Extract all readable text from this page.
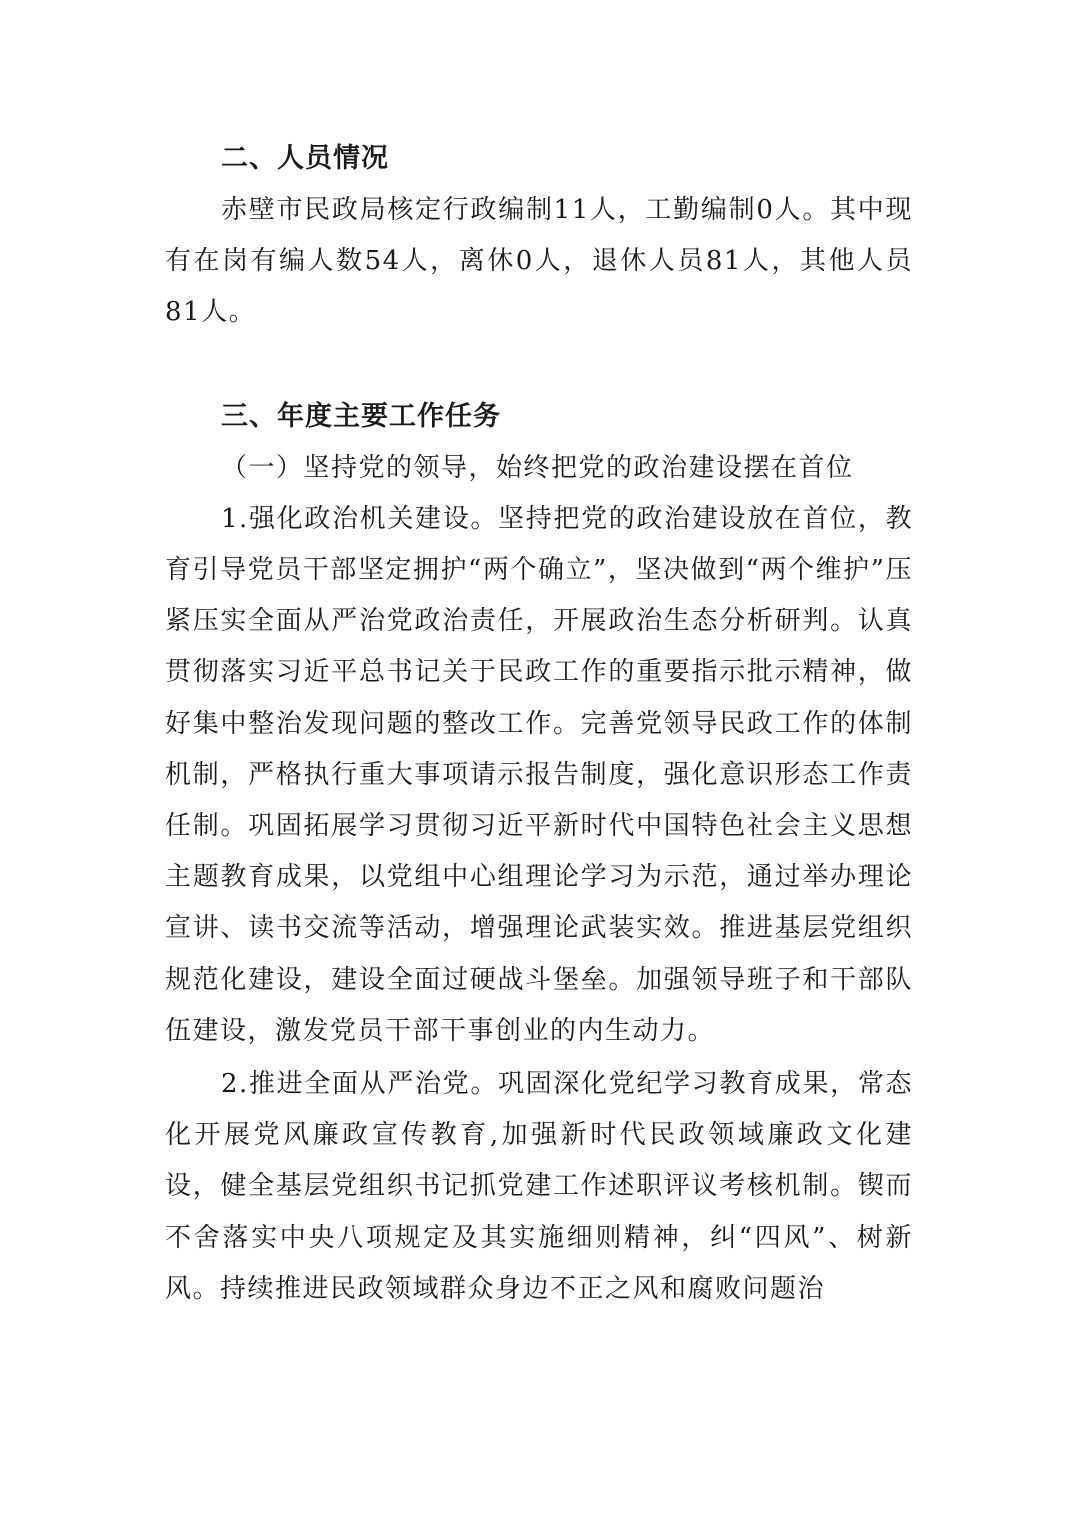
二、人员情况

赤壁市民政局核定行政编制11人，工勤编制0人。其中现有在岗有编人数54人，离休0人，退休人员81人，其他人员81人。

三、年度主要工作任务

（一）坚持党的领导，始终把党的政治建设摆在首位

1.强化政治机关建设。坚持把党的政治建设放在首位，教育引导党员干部坚定拥护“两个确立”，坚决做到“两个维护”压紧压实全面从严治党政治责任，开展政治生态分析研判。认真贯彻落实习近平总书记关于民政工作的重要指示批示精神，做好集中整治发现问题的整改工作。完善党领导民政工作的体制机制，严格执行重大事项请示报告制度，强化意识形态工作责任制。巩固拓展学习贯彻习近平新时代中国特色社会主义思想主题教育成果，以党组中心组理论学习为示范，通过举办理论宣讲、读书交流等活动，增强理论武装实效。推进基层党组织规范化建设，建设全面过硬战斗堡垒。加强领导班子和干部队伍建设，激发党员干部干事创业的内生动力。

2.推进全面从严治党。巩固深化党纪学习教育成果，常态化开展党风廉政宣传教育,加强新时代民政领域廉政文化建设，健全基层党组织书记抓党建工作述职评议考核机制。锲而不舍落实中央八项规定及其实施细则精神，纠“四风”、树新风。持续推进民政领域群众身边不正之风和腐败问题治
